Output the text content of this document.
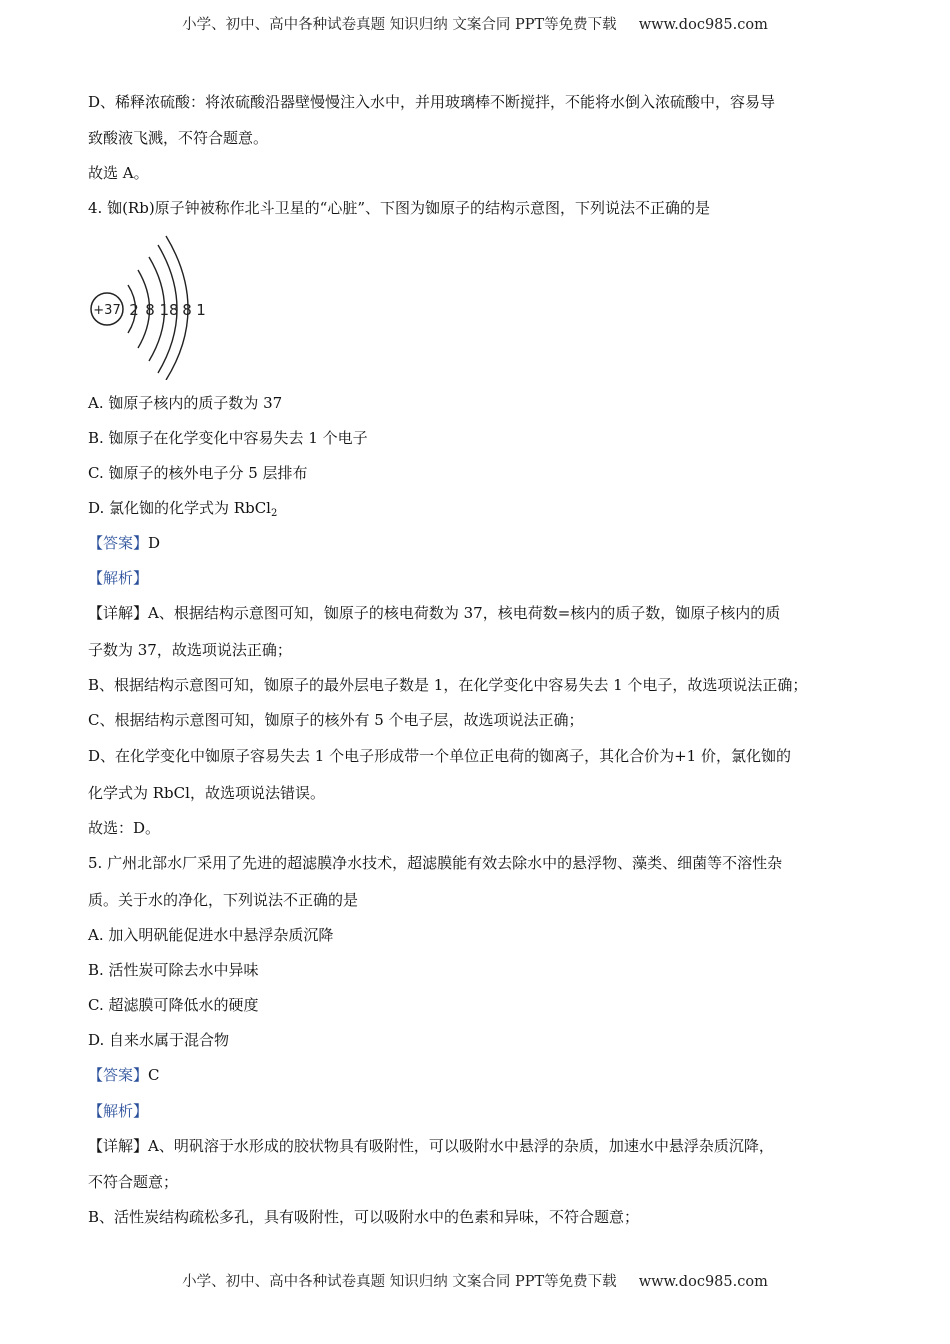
小学、初中、高中各种试卷真题 知识归纳 文案合同 PPT等免费下载 www.doc985.com
D、稀释浓硫酸：将浓硫酸沿器壁慢慢注入水中，并用玻璃棒不断搅拌，不能将水倒入浓硫酸中，容易导
致酸液飞溅，不符合题意。
故选 A。
4. 铷(Rb)原子钟被称作北斗卫星的“心脏”、下图为铷原子的结构示意图，下列说法不正确的是
+37 2 8 18 8 1
A. 铷原子核内的质子数为 37
B. 铷原子在化学变化中容易失去 1 个电子
C. 铷原子的核外电子分 5 层排布
D. 氯化铷的化学式为 RbCl$_2$
【答案】D
【解析】
【详解】A、根据结构示意图可知，铷原子的核电荷数为 37，核电荷数=核内的质子数，铷原子核内的质
子数为 37，故选项说法正确；
B、根据结构示意图可知，铷原子的最外层电子数是 1，在化学变化中容易失去 1 个电子，故选项说法正确；
C、根据结构示意图可知，铷原子的核外有 5 个电子层，故选项说法正确；
D、在化学变化中铷原子容易失去 1 个电子形成带一个单位正电荷的铷离子，其化合价为+1 价，氯化铷的
化学式为 RbCl，故选项说法错误。
故选：D。
5. 广州北部水厂采用了先进的超滤膜净水技术，超滤膜能有效去除水中的悬浮物、藻类、细菌等不溶性杂
质。关于水的净化，下列说法不正确的是
A. 加入明矾能促进水中悬浮杂质沉降
B. 活性炭可除去水中异味
C. 超滤膜可降低水的硬度
D. 自来水属于混合物
【答案】C
【解析】
【详解】A、明矾溶于水形成的胶状物具有吸附性，可以吸附水中悬浮的杂质，加速水中悬浮杂质沉降，
不符合题意；
B、活性炭结构疏松多孔，具有吸附性，可以吸附水中的色素和异味，不符合题意；
小学、初中、高中各种试卷真题 知识归纳 文案合同 PPT等免费下载 www.doc985.com
